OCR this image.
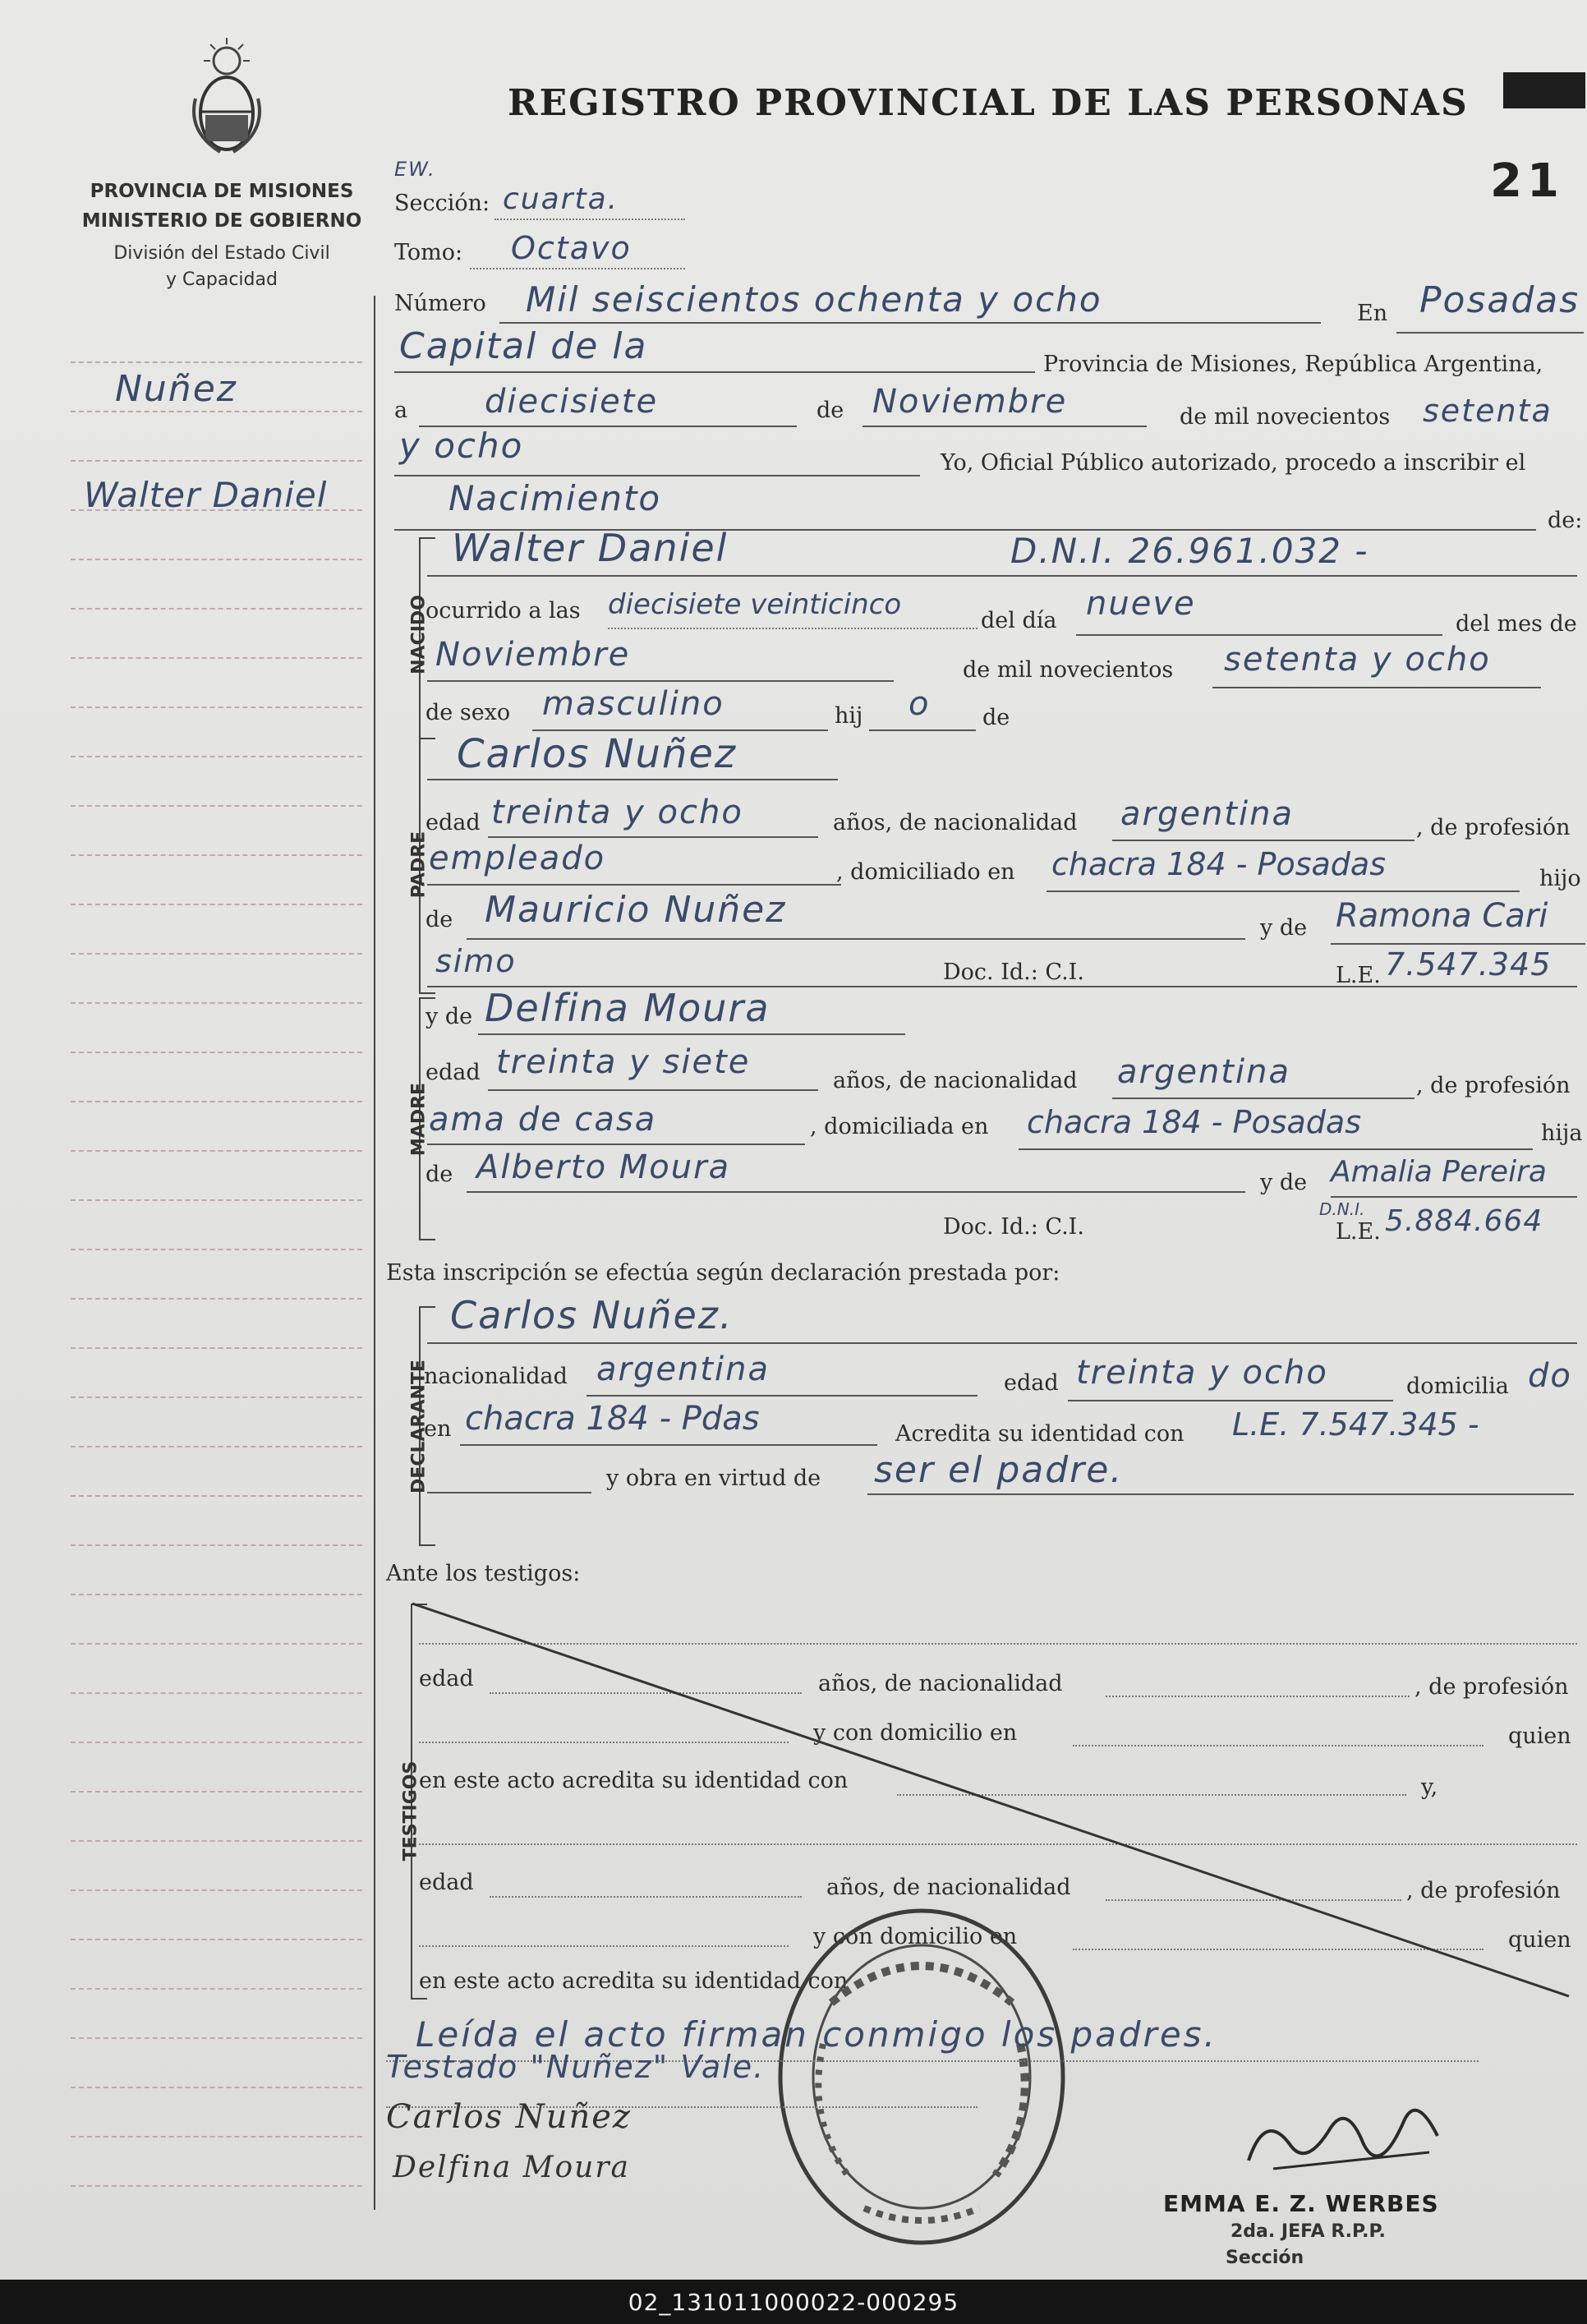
REGISTRO PROVINCIAL DE LAS PERSONAS
21
PROVINCIA DE MISIONES
MINISTERIO DE GOBIERNO
División del Estado Civil
y Capacidad
Nuñez
Walter Daniel
EW.
Sección: cuarta.
Tomo: Octavo
Número Mil seiscientos ochenta y ocho	En Posadas
Capital de la	Provincia de Misiones, República Argentina,
a diecisiete	de Noviembre	de mil novecientos setenta
y ocho	Yo, Oficial Público autorizado, procedo a inscribir el
Nacimiento
de:
NACIDO
Walter Daniel	D.N.I. 26.961.032 -
ocurrido a las diecisiete veinticinco	del día nueve
del mes de
Noviembre	de mil novecientos setenta y ocho
de sexo masculino	hij o de
PADRE
Carlos Nuñez
edad treinta y ocho	años, de nacionalidad argentina	, de profesión
empleado	, domiciliado en chacra 184 - Posadas	hijo
de Mauricio Nuñez	y de Ramona Cari
simo	Doc. Id.: C.I.	L.E. 7.547.345
MADRE
y de Delfina Moura
edad treinta y siete	años, de nacionalidad argentina	, de profesión
ama de casa	, domiciliada en chacra 184 - Posadas	hija
de Alberto Moura	y de Amalia Pereira
Doc. Id.: C.I.
D.N.I.
L.E. 5.884.664
Esta inscripción se efectúa según declaración prestada por:
DECLARANTE
Carlos Nuñez.
nacionalidad argentina	edad treinta y ocho	domicilia do
en chacra 184 - Pdas	Acredita su identidad con L.E. 7.547.345 -
y obra en virtud de ser el padre.
Ante los testigos:
TESTIGOS
edad	años, de nacionalidad	, de profesión
y con domicilio en	quien
en este acto acredita su identidad con	y,
edad	años, de nacionalidad	, de profesión
y con domicilio en	quien
en este acto acredita su identidad con
Leída el acto firman conmigo los padres.
Testado "Nuñez" Vale.
Carlos Nuñez
Delfina Moura
EMMA E. Z. WERBES
2da. JEFA R.P.P.
Sección
02_131011000022-000295
